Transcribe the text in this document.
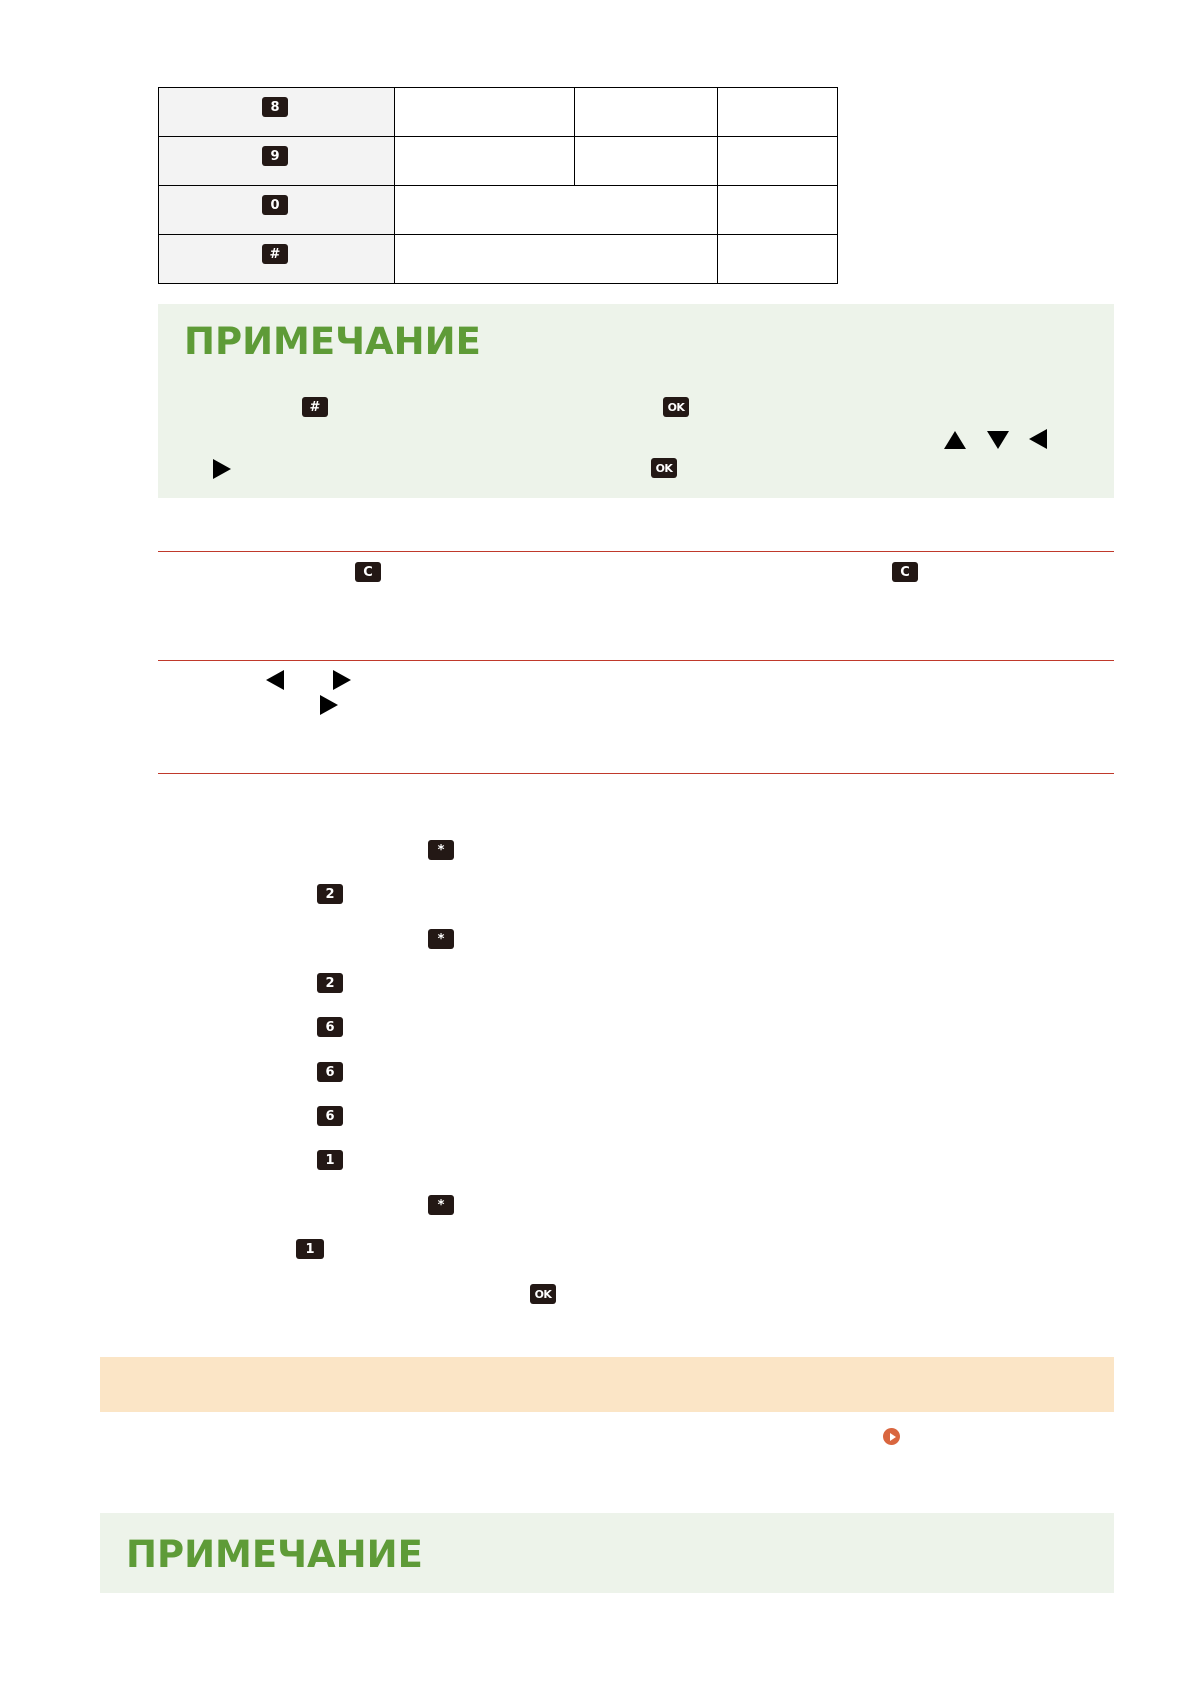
8			

9			

0			

#			

ПРИМЕЧАНИЕ
#	OK
OK
C	C
*
2
*
2
6
6
6
1
*
1
OK
ПРИМЕЧАНИЕ
